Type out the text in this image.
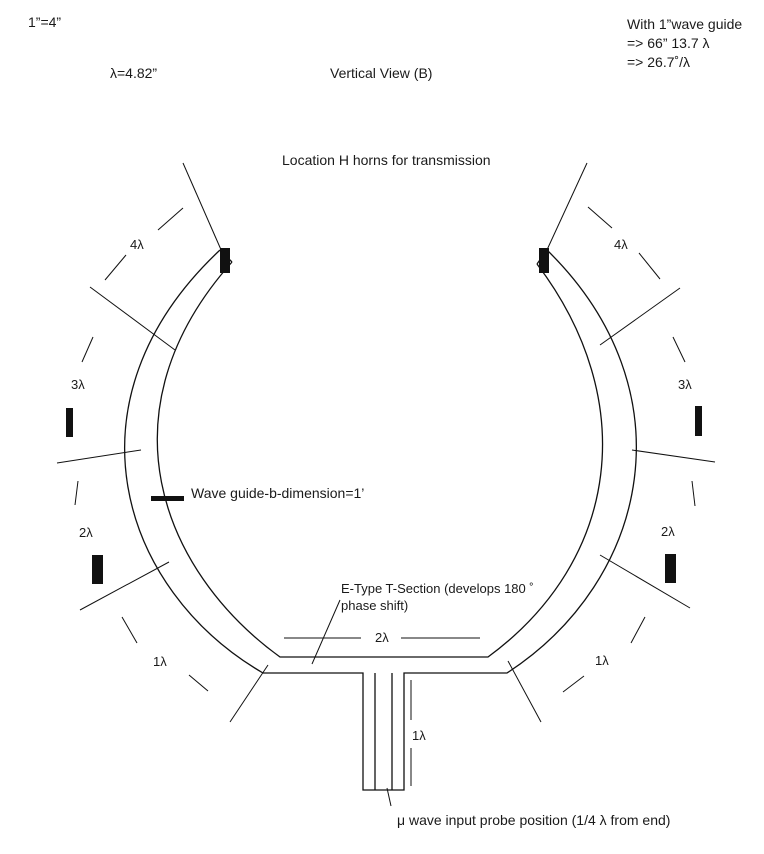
1”=4”
λ=4.82”	Vertical View (B)
With 1”wave guide
=> 66” 13.7 λ
=> 26.7˚/λ
Location H horns for transmission
4λ
3λ
2λ
1λ
4λ
3λ
2λ
1λ
2λ
1λ
Wave guide-b-dimension=1’
E-Type T-Section (develops 180 ˚
phase shift)
μ wave input probe position (1/4 λ from end)
